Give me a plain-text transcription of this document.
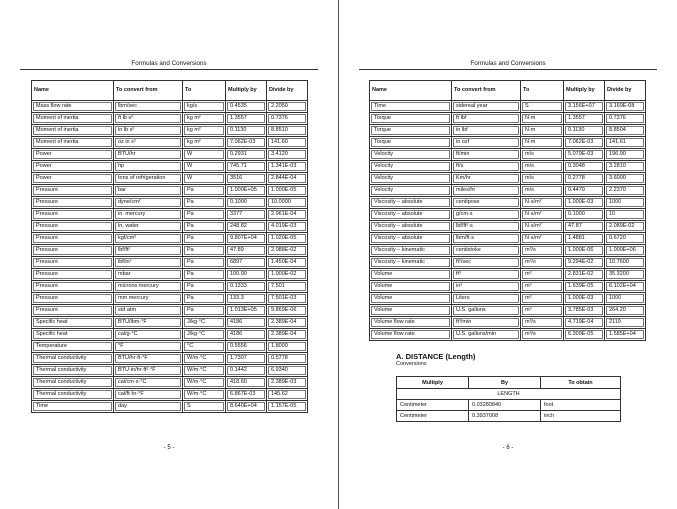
Formulas and Conversions
- 5 -
Formulas and Conversions
- 6 -
Name	To convert from	To	Multiply by	Divide by

Mass flow rate	lbm/sec	kg/s	0.4535	2.2050

Moment of inertia	ft lb s²	kg m²	1.3557	0.7376

Moment of inertia	in lb s²	kg m²	0.1130	8.8510

Moment of inertia	oz in s²	kg m²	7.062E-03	141.60

Power	BTU/hr	W	0.2931	3.4120

Power	hp	W	745.71	1.341E-03

Power	tons of refrigeration	W	3516	2.844E-04

Pressure	bar	Pa	1.000E+05	1.000E-05

Pressure	dyne/cm²	Pa	0.1000	10.0000

Pressure	in. mercury	Pa	3377	2.961E-04

Pressure	in. water	Pa	248.82	4.019E-03

Pressure	kgf/cm²	Pa	9.807E+04	1.020E-05

Pressure	lbf/ft²	Pa	47.89	2.088E-02

Pressure	lbf/in²	Pa	6897	1.450E-04

Pressure	mbar	Pa	100.00	1.000E-02

Pressure	microns mercury	Pa	0.1333	7.501

Pressure	mm mercury	Pa	133.3	7.501E-03

Pressure	std atm	Pa	1.013E+05	9.869E-06

Specific heat	BTU/lbm·°F	J/kg·°C	4186	2.389E-04

Specific heat	cal/g·°C	J/kg·°C	4186	2.389E-04

Temperature	°F	°C	0.5556	1.8000

Thermal conductivity	BTU/hr·ft·°F	W/m·°C	1.7307	0.5778

Thermal conductivity	BTU·in/hr·ft²·°F	W/m·°C	0.1442	6.9340

Thermal conductivity	cal/cm·s·°C	W/m·°C	418.60	2.389E-03

Thermal conductivity	cal/ft·hr·°F	W/m·°C	6.867E-03	145.62

Time	day	S	8.640E+04	1.157E-05
Name	To convert from	To	Multiply by	Divide by

Time	sidereal year	S	3.156E+07	3.169E-08

Torque	ft lbf	N·m	1.3557	0.7376

Torque	in lbf	N·m	0.1130	8.8504

Torque	in ozf	N·m	7.062E-03	141.61

Velocity	ft/min	m/s	5.079E-03	196.90

Velocity	ft/s	m/s	0.3048	3.2810

Velocity	Km/hr	m/s	0.2778	3.6000

Velocity	miles/hr	m/s	0.4470	2.2370

Viscosity – absolute	centipose	N·s/m²	1.000E-03	1000

Viscosity – absolute	g/cm·s	N·s/m²	0.1000	10

Viscosity – absolute	lbf/ft²·s	N·s/m²	47.87	2.089E-02

Viscosity – absolute	lbm/ft·s	N·s/m²	1.4881	0.6720

Viscosity – kinematic	centistoke	m²/s	1.000E-06	1.000E+06

Viscosity – kinematic	ft²/sec	m²/s	9.294E-02	10.7600

Volume	ft³	m³	2.831E-02	35.3200

Volume	in³	m³	1.639E-05	6.102E+04

Volume	Liters	m³	1.000E-03	1000

Volume	U.S. gallons	m³	3.785E-03	264.20

Volume flow rate	ft³/min	m³/s	4.719E-04	2119

Volume flow rate	U.S. gallons/min	m³/s	6.309E-05	1.585E+04
A. DISTANCE (Length)
Conversions
Multiply	By	To obtain
LENGTH		
Centimeter	0.03280840	foot
Centimeter	0.3937008	inch
